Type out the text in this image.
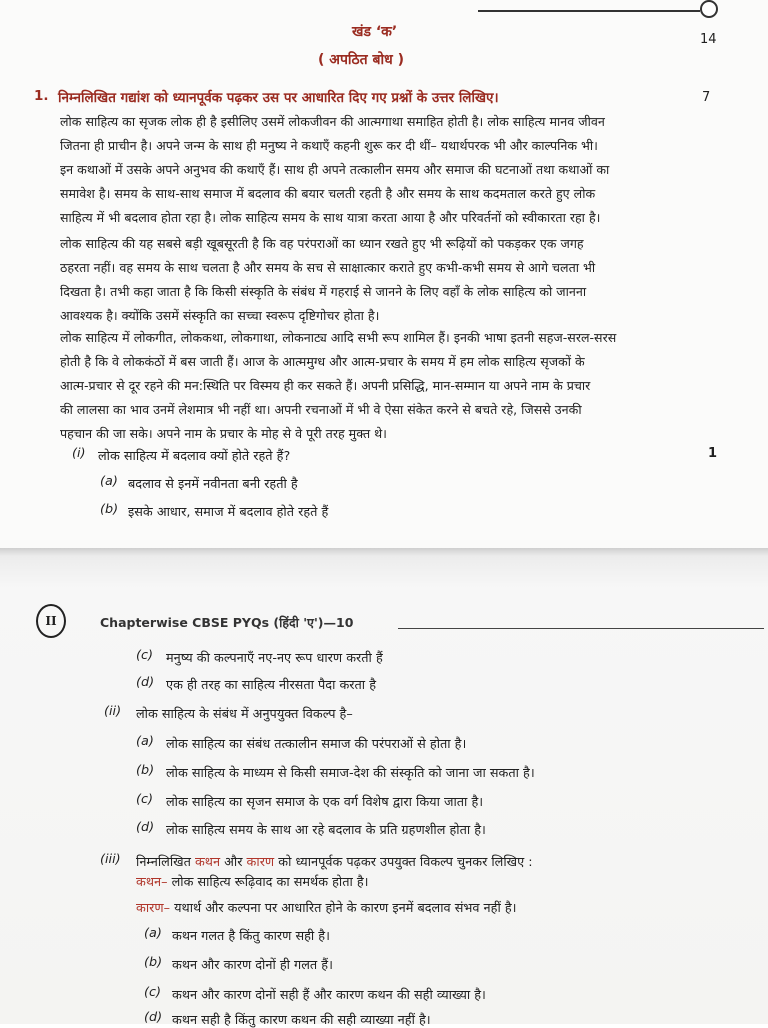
खंड ‘क’	14
( अपठित बोध )
1. निम्नलिखित गद्यांश को ध्यानपूर्वक पढ़कर उस पर आधारित दिए गए प्रश्नों के उत्तर लिखिए।	7
लोक साहित्य का सृजक लोक ही है इसीलिए उसमें लोकजीवन की आत्मगाथा समाहित होती है। लोक साहित्य मानव जीवन
जितना ही प्राचीन है। अपने जन्म के साथ ही मनुष्य ने कथाएँ कहनी शुरू कर दी थीं– यथार्थपरक भी और काल्पनिक भी।
इन कथाओं में उसके अपने अनुभव की कथाएँ हैं। साथ ही अपने तत्कालीन समय और समाज की घटनाओं तथा कथाओं का
समावेश है। समय के साथ-साथ समाज में बदलाव की बयार चलती रहती है और समय के साथ कदमताल करते हुए लोक
साहित्य में भी बदलाव होता रहा है। लोक साहित्य समय के साथ यात्रा करता आया है और परिवर्तनों को स्वीकारता रहा है।
लोक साहित्य की यह सबसे बड़ी खूबसूरती है कि वह परंपराओं का ध्यान रखते हुए भी रूढ़ियों को पकड़कर एक जगह
ठहरता नहीं। वह समय के साथ चलता है और समय के सच से साक्षात्कार कराते हुए कभी-कभी समय से आगे चलता भी
दिखता है। तभी कहा जाता है कि किसी संस्कृति के संबंध में गहराई से जानने के लिए वहाँ के लोक साहित्य को जानना
आवश्यक है। क्योंकि उसमें संस्कृति का सच्चा स्वरूप दृष्टिगोचर होता है।
लोक साहित्य में लोकगीत, लोककथा, लोकगाथा, लोकनाट्य आदि सभी रूप शामिल हैं। इनकी भाषा इतनी सहज-सरल-सरस
होती है कि वे लोककंठों में बस जाती हैं। आज के आत्ममुग्ध और आत्म-प्रचार के समय में हम लोक साहित्य सृजकों के
आत्म-प्रचार से दूर रहने की मन:स्थिति पर विस्मय ही कर सकते हैं। अपनी प्रसिद्धि, मान-सम्मान या अपने नाम के प्रचार
की लालसा का भाव उनमें लेशमात्र भी नहीं था। अपनी रचनाओं में भी वे ऐसा संकेत करने से बचते रहे, जिससे उनकी
पहचान की जा सके। अपने नाम के प्रचार के मोह से वे पूरी तरह मुक्त थे।
(i) लोक साहित्य में बदलाव क्यों होते रहते हैं?	1
(a) बदलाव से इनमें नवीनता बनी रहती है
(b) इसके आधार, समाज में बदलाव होते रहते हैं
II	Chapterwise CBSE PYQs (हिंदी 'ए')—10
(c) मनुष्य की कल्पनाएँ नए-नए रूप धारण करती हैं
(d) एक ही तरह का साहित्य नीरसता पैदा करता है
(ii) लोक साहित्य के संबंध में अनुपयुक्त विकल्प है–
(a) लोक साहित्य का संबंध तत्कालीन समाज की परंपराओं से होता है।
(b) लोक साहित्य के माध्यम से किसी समाज-देश की संस्कृति को जाना जा सकता है।
(c) लोक साहित्य का सृजन समाज के एक वर्ग विशेष द्वारा किया जाता है।
(d) लोक साहित्य समय के साथ आ रहे बदलाव के प्रति ग्रहणशील होता है।
(iii) निम्नलिखित कथन और कारण को ध्यानपूर्वक पढ़कर उपयुक्त विकल्प चुनकर लिखिए :
कथन– लोक साहित्य रूढ़िवाद का समर्थक होता है।
कारण– यथार्थ और कल्पना पर आधारित होने के कारण इनमें बदलाव संभव नहीं है।
(a) कथन गलत है किंतु कारण सही है।
(b) कथन और कारण दोनों ही गलत हैं।
(c) कथन और कारण दोनों सही हैं और कारण कथन की सही व्याख्या है।
(d) कथन सही है किंतु कारण कथन की सही व्याख्या नहीं है।
